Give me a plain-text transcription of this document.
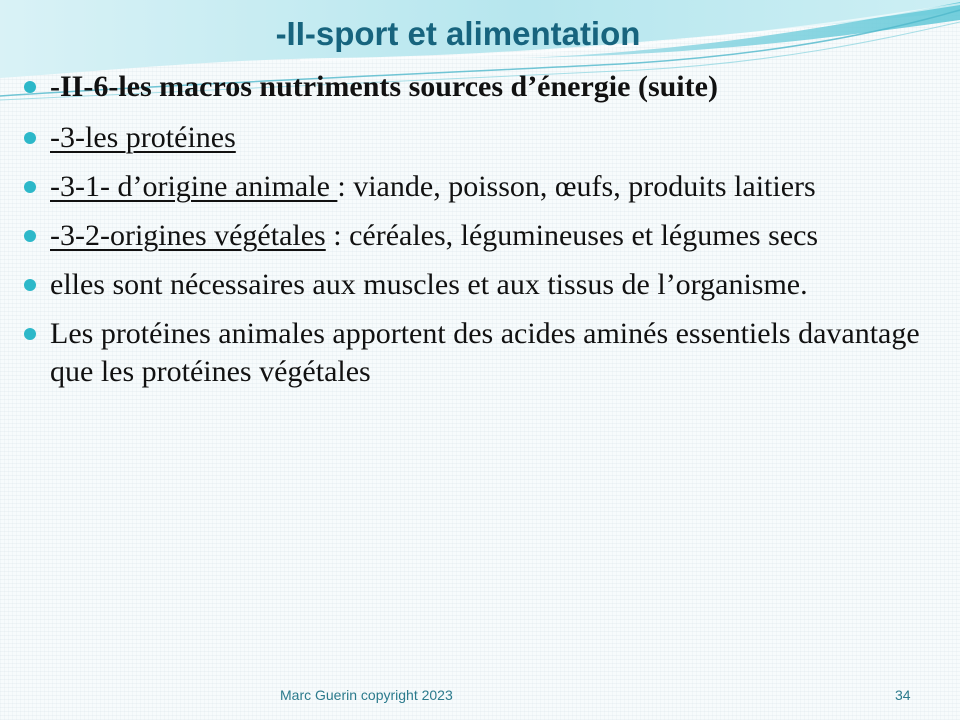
-II-sport et alimentation
-II-6-les macros nutriments sources d’énergie (suite)
-3-les protéines
-3-1- d’origine animale : viande, poisson, œufs, produits laitiers
-3-2-origines végétales : céréales, légumineuses et légumes secs
elles sont nécessaires aux muscles et aux tissus de l’organisme.
Les protéines animales apportent des acides aminés essentiels davantage que les protéines végétales
Marc Guerin copyright 2023	34
